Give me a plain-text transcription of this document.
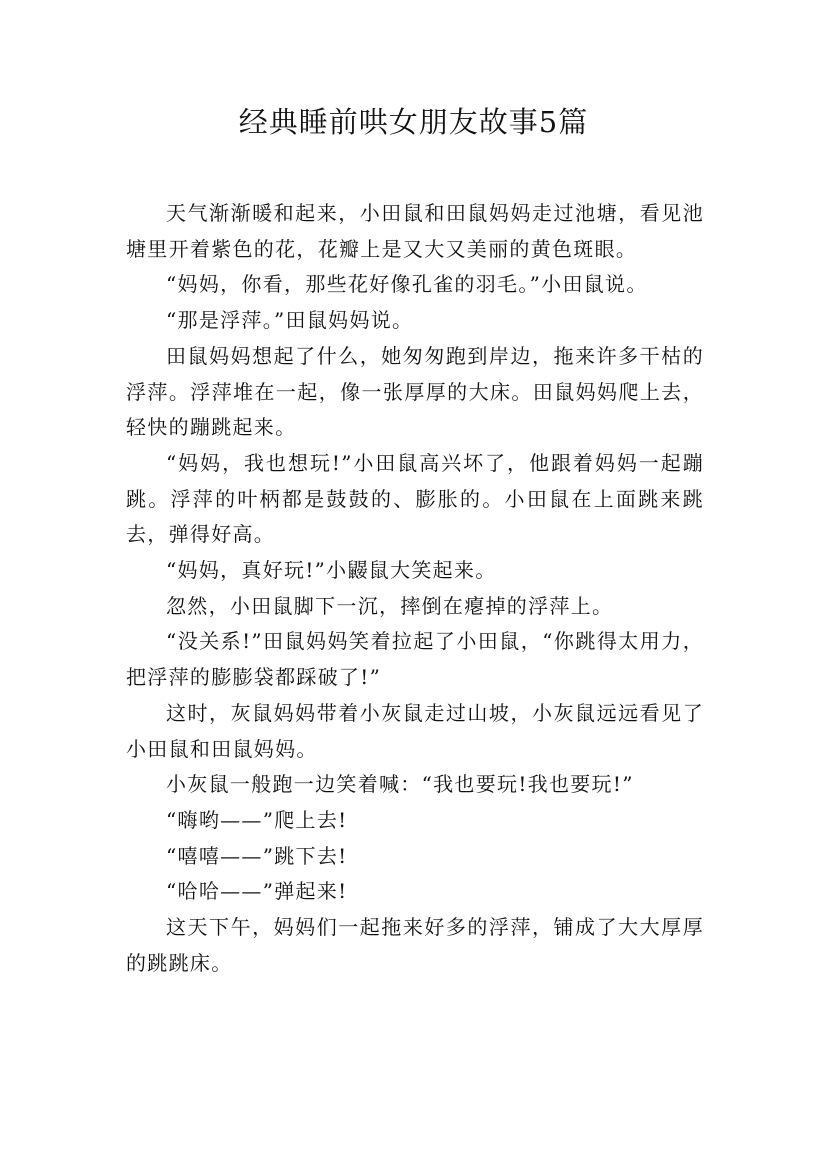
经典睡前哄女朋友故事5篇

天气渐渐暖和起来，小田鼠和田鼠妈妈走过池塘，看见池塘里开着紫色的花，花瓣上是又大又美丽的黄色斑眼。

“妈妈，你看，那些花好像孔雀的羽毛。”小田鼠说。

“那是浮萍。”田鼠妈妈说。

田鼠妈妈想起了什么，她匆匆跑到岸边，拖来许多干枯的浮萍。浮萍堆在一起，像一张厚厚的大床。田鼠妈妈爬上去，轻快的蹦跳起来。

“妈妈，我也想玩!”小田鼠高兴坏了，他跟着妈妈一起蹦跳。浮萍的叶柄都是鼓鼓的、膨胀的。小田鼠在上面跳来跳去，弹得好高。

“妈妈，真好玩!”小鼹鼠大笑起来。

忽然，小田鼠脚下一沉，摔倒在瘪掉的浮萍上。

“没关系!”田鼠妈妈笑着拉起了小田鼠，“你跳得太用力，把浮萍的膨膨袋都踩破了!”

这时，灰鼠妈妈带着小灰鼠走过山坡，小灰鼠远远看见了小田鼠和田鼠妈妈。

小灰鼠一般跑一边笑着喊：“我也要玩!我也要玩!”

“嗨哟——”爬上去!

“嘻嘻——”跳下去!

“哈哈——”弹起来!

这天下午，妈妈们一起拖来好多的浮萍，铺成了大大厚厚的跳跳床。
